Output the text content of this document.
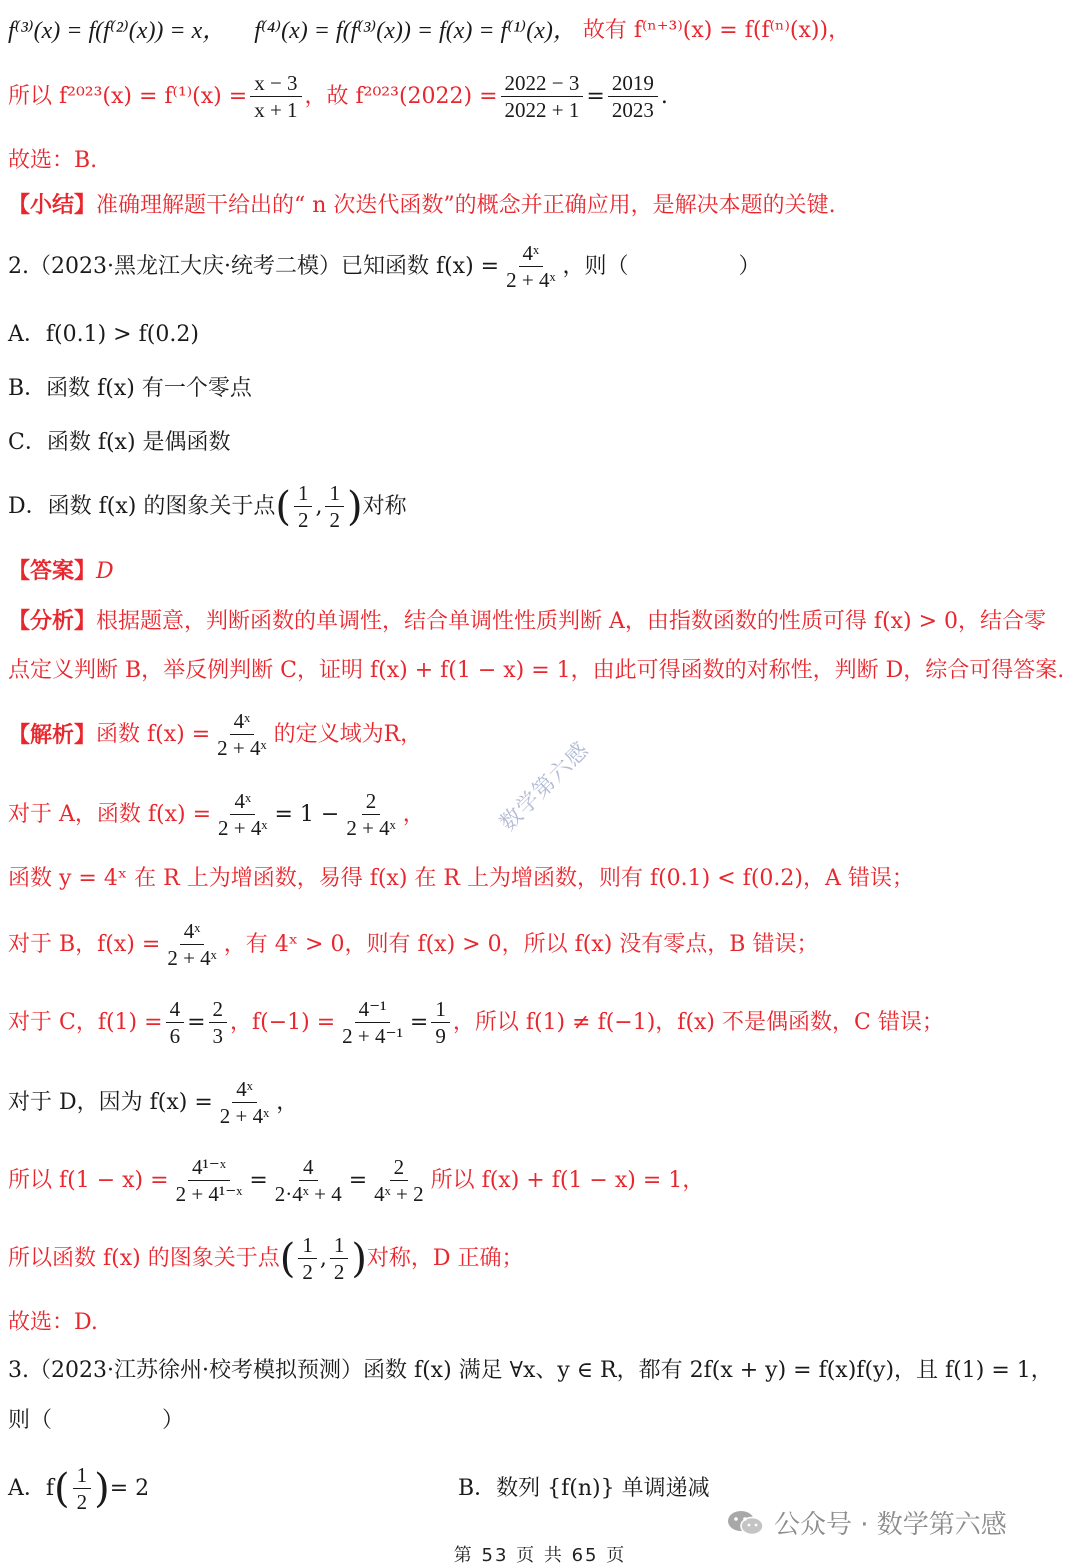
f⁽³⁾(x) = f(f⁽²⁾(x)) = x， f⁽⁴⁾(x) = f(f⁽³⁾(x)) = f(x) = f⁽¹⁾(x)， 故有 f⁽ⁿ⁺³⁾(x) = f(f⁽ⁿ⁾(x))，
所以 $f^{2023}(x) = f^{(1)}(x) = \frac{x - 3}{x + 1}$ ，故 $f^{2023}(2022) = \frac{2022 - 3}{2022 + 1} = \frac{2019}{2023}$ .
故选：B.
【小结】准确理解题干给出的“ n 次迭代函数”的概念并正确应用，是解决本题的关键.
2.（2023·黑龙江大庆·统考二模）已知函数 $f(x) = \frac{\text{4ˣ}}{\text{2 + 4ˣ}}$ ，则（　　　　　）
A．f(0.1) > f(0.2)
B．函数 f(x) 有一个零点
C．函数 f(x) 是偶函数
D．函数 f(x) 的图象关于点 ( $\frac{1}{2}$ , $\frac{1}{2}$ ) 对称
【答案】D
【分析】根据题意，判断函数的单调性，结合单调性性质判断 A，由指数函数的性质可得 f(x) > 0，结合零
点定义判断 B，举反例判断 C，证明 f(x) + f(1 − x) = 1，由此可得函数的对称性，判断 D，综合可得答案.
【解析】 函数 $f(x) = \frac{\text{4ˣ}}{\text{2 + 4ˣ}}$ 的定义域为R，
数学第六感
对于 A，函数 $f(x) = \frac{\text{4ˣ}}{\text{2 + 4ˣ}} = 1 - \frac{2}{\text{2 + 4ˣ}}$ ，
函数 y = 4ˣ 在 R 上为增函数，易得 f(x) 在 R 上为增函数，则有 f(0.1) < f(0.2)，A 错误；
对于 B，$f(x) = \frac{\text{4ˣ}}{\text{2 + 4ˣ}}$ ，有 4ˣ > 0，则有 f(x) > 0，所以 f(x) 没有零点，B 错误；
对于 C，$f(1) = \frac{4}{6} = \frac{2}{3}$ ，$f(-1) = \frac{\text{4⁻¹}}{\text{2 + 4⁻¹}} = \frac{1}{9}$ ，所以 f(1) ≠ f(−1)，f(x) 不是偶函数，C 错误；
对于 D，因为 $f(x) = \frac{\text{4ˣ}}{\text{2 + 4ˣ}}$ ，
所以 $f(1 - x) = \frac{\text{4¹⁻ˣ}}{\text{2 + 4¹⁻ˣ}} = \frac{4}{\text{2·4ˣ + 4}} = \frac{2}{\text{4ˣ + 2}}$ 所以 f(x) + f(1 − x) = 1，
所以函数 f(x) 的图象关于点 ( $\frac{1}{2}$ , $\frac{1}{2}$ ) 对称，D 正确；
故选：D.
3.（2023·江苏徐州·校考模拟预测）函数 f(x) 满足 ∀x、y ∈ R，都有 2f(x + y) = f(x)f(y)，且 f(1) = 1，
则（　　　　　）
A．f ( $\frac{1}{2}$ ) = 2	B．数列 {f(n)} 单调递减
公众号 · 数学第六感
第 53 页 共 65 页
